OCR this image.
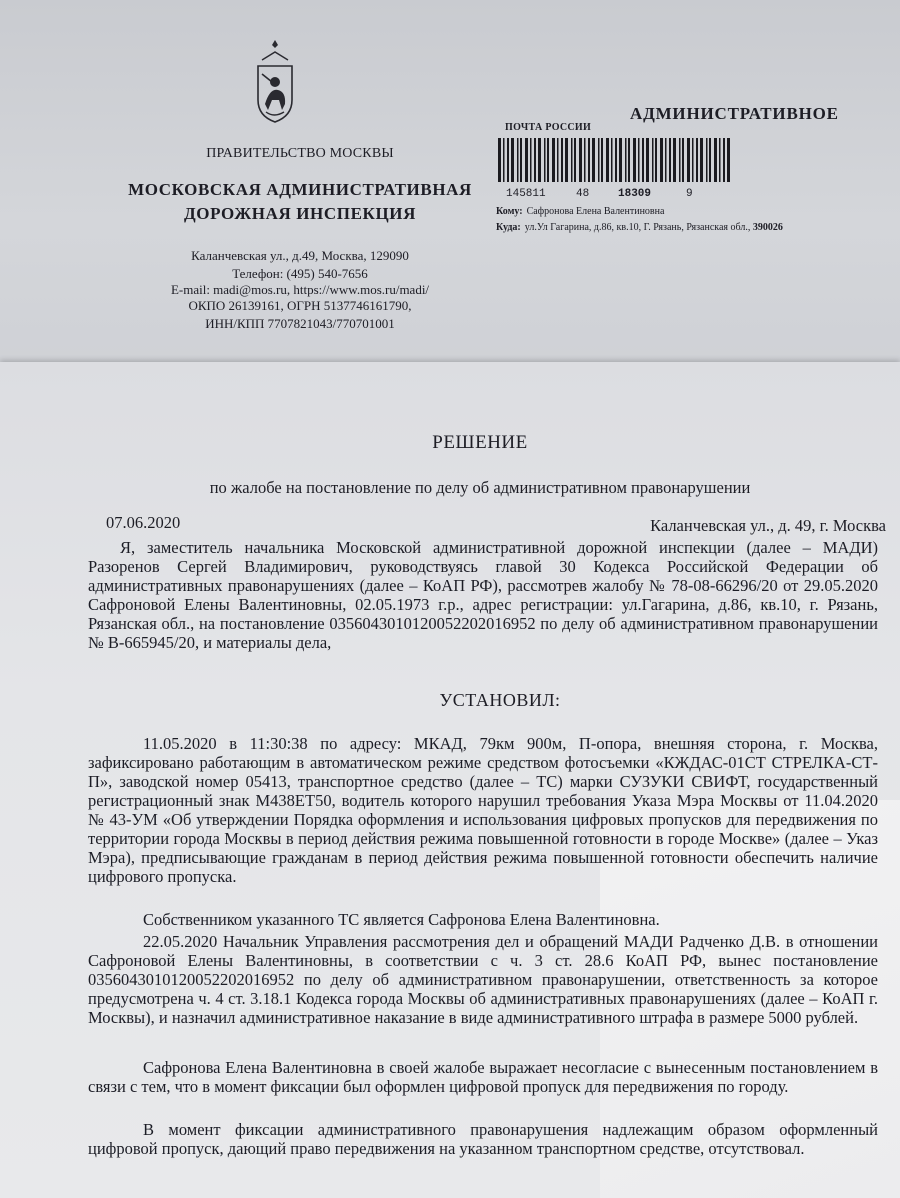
ПРАВИТЕЛЬСТВО МОСКВЫ
МОСКОВСКАЯ АДМИНИСТРАТИВНАЯ
ДОРОЖНАЯ ИНСПЕКЦИЯ
Каланчевская ул., д.49, Москва, 129090
Телефон: (495) 540-7656
E-mail: madi@mos.ru, https://www.mos.ru/madi/
ОКПО 26139161, ОГРН 5137746161790,
ИНН/КПП 7707821043/770701001
АДМИНИСТРАТИВНОЕ
ПОЧТА РОССИИ
145811	48	18309	9
Кому: Сафронова Елена Валентиновна
Куда: ул.Ул Гагарина, д.86, кв.10, Г. Рязань, Рязанская обл., 390026
РЕШЕНИЕ
по жалобе на постановление по делу об административном правонарушении
07.06.2020	Каланчевская ул., д. 49, г. Москва
Я, заместитель начальника Московской административной дорожной инспекции (далее – МАДИ) Разоренов Сергей Владимирович, руководствуясь главой 30 Кодекса Российской Федерации об административных правонарушениях (далее – КоАП РФ), рассмотрев жалобу № 78-08-66296/20 от 29.05.2020 Сафроновой Елены Валентиновны, 02.05.1973 г.р., адрес регистрации: ул.Гагарина, д.86, кв.10, г. Рязань, Рязанская обл., на постановление 0356043010120052202016952 по делу об административном правонарушении № В-665945/20, и материалы дела,
УСТАНОВИЛ:
11.05.2020 в 11:30:38 по адресу: МКАД, 79км 900м, П-опора, внешняя сторона, г. Москва, зафиксировано работающим в автоматическом режиме средством фотосъемки «КЖДАС-01СТ СТРЕЛКА-СТ-П», заводской номер 05413, транспортное средство (далее – ТС) марки СУЗУКИ СВИФТ, государственный регистрационный знак М438ЕТ50, водитель которого нарушил требования Указа Мэра Москвы от 11.04.2020 № 43-УМ «Об утверждении Порядка оформления и использования цифровых пропусков для передвижения по территории города Москвы в период действия режима повышенной готовности в городе Москве» (далее – Указ Мэра), предписывающие гражданам в период действия режима повышенной готовности обеспечить наличие цифрового пропуска.
Собственником указанного ТС является Сафронова Елена Валентиновна.
22.05.2020 Начальник Управления рассмотрения дел и обращений МАДИ Радченко Д.В. в отношении Сафроновой Елены Валентиновны, в соответствии с ч. 3 ст. 28.6 КоАП РФ, вынес постановление 0356043010120052202016952 по делу об административном правонарушении, ответственность за которое предусмотрена ч. 4 ст. 3.18.1 Кодекса города Москвы об административных правонарушениях (далее – КоАП г. Москвы), и назначил административное наказание в виде административного штрафа в размере 5000 рублей.
Сафронова Елена Валентиновна в своей жалобе выражает несогласие с вынесенным постановлением в связи с тем, что в момент фиксации был оформлен цифровой пропуск для передвижения по городу.
В момент фиксации административного правонарушения надлежащим образом оформленный цифровой пропуск, дающий право передвижения на указанном транспортном средстве, отсутствовал.
